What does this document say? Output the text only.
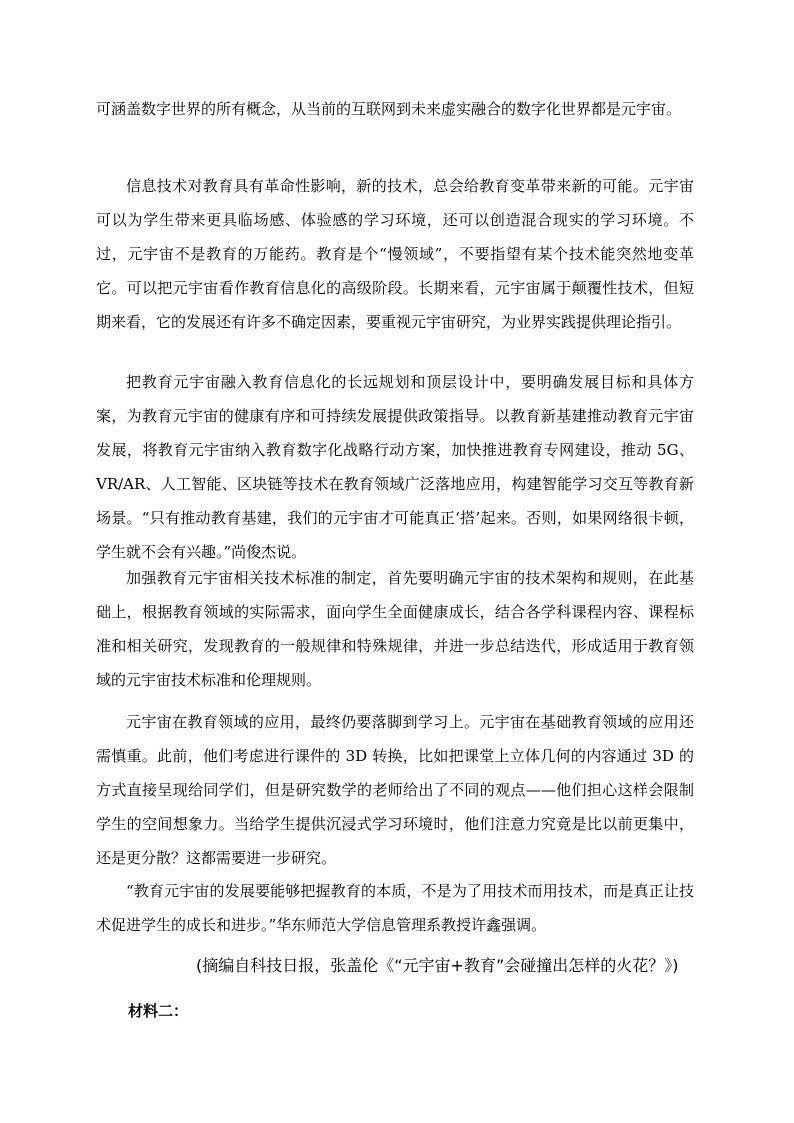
可涵盖数字世界的所有概念，从当前的互联网到未来虚实融合的数字化世界都是元宇宙。

信息技术对教育具有革命性影响，新的技术，总会给教育变革带来新的可能。元宇宙可以为学生带来更具临场感、体验感的学习环境，还可以创造混合现实的学习环境。不过，元宇宙不是教育的万能药。教育是个“慢领域”，不要指望有某个技术能突然地变革它。可以把元宇宙看作教育信息化的高级阶段。长期来看，元宇宙属于颠覆性技术，但短期来看，它的发展还有许多不确定因素，要重视元宇宙研究，为业界实践提供理论指引。

把教育元宇宙融入教育信息化的长远规划和顶层设计中，要明确发展目标和具体方案，为教育元宇宙的健康有序和可持续发展提供政策指导。以教育新基建推动教育元宇宙发展，将教育元宇宙纳入教育数字化战略行动方案，加快推进教育专网建设，推动 5G、VR/AR、人工智能、区块链等技术在教育领域广泛落地应用，构建智能学习交互等教育新场景。“只有推动教育基建，我们的元宇宙才可能真正‘搭’起来。否则，如果网络很卡顿，学生就不会有兴趣。”尚俊杰说。

加强教育元宇宙相关技术标准的制定，首先要明确元宇宙的技术架构和规则，在此基础上，根据教育领域的实际需求，面向学生全面健康成长，结合各学科课程内容、课程标准和相关研究，发现教育的一般规律和特殊规律，并进一步总结迭代，形成适用于教育领域的元宇宙技术标准和伦理规则。

元宇宙在教育领域的应用，最终仍要落脚到学习上。元宇宙在基础教育领域的应用还需慎重。此前，他们考虑进行课件的 3D 转换，比如把课堂上立体几何的内容通过 3D 的方式直接呈现给同学们，但是研究数学的老师给出了不同的观点——他们担心这样会限制学生的空间想象力。当给学生提供沉浸式学习环境时，他们注意力究竟是比以前更集中，还是更分散？这都需要进一步研究。

“教育元宇宙的发展要能够把握教育的本质，不是为了用技术而用技术，而是真正让技术促进学生的成长和进步。”华东师范大学信息管理系教授许鑫强调。

(摘编自科技日报，张盖伦《“元宇宙+教育”会碰撞出怎样的火花？》)

材料二：
